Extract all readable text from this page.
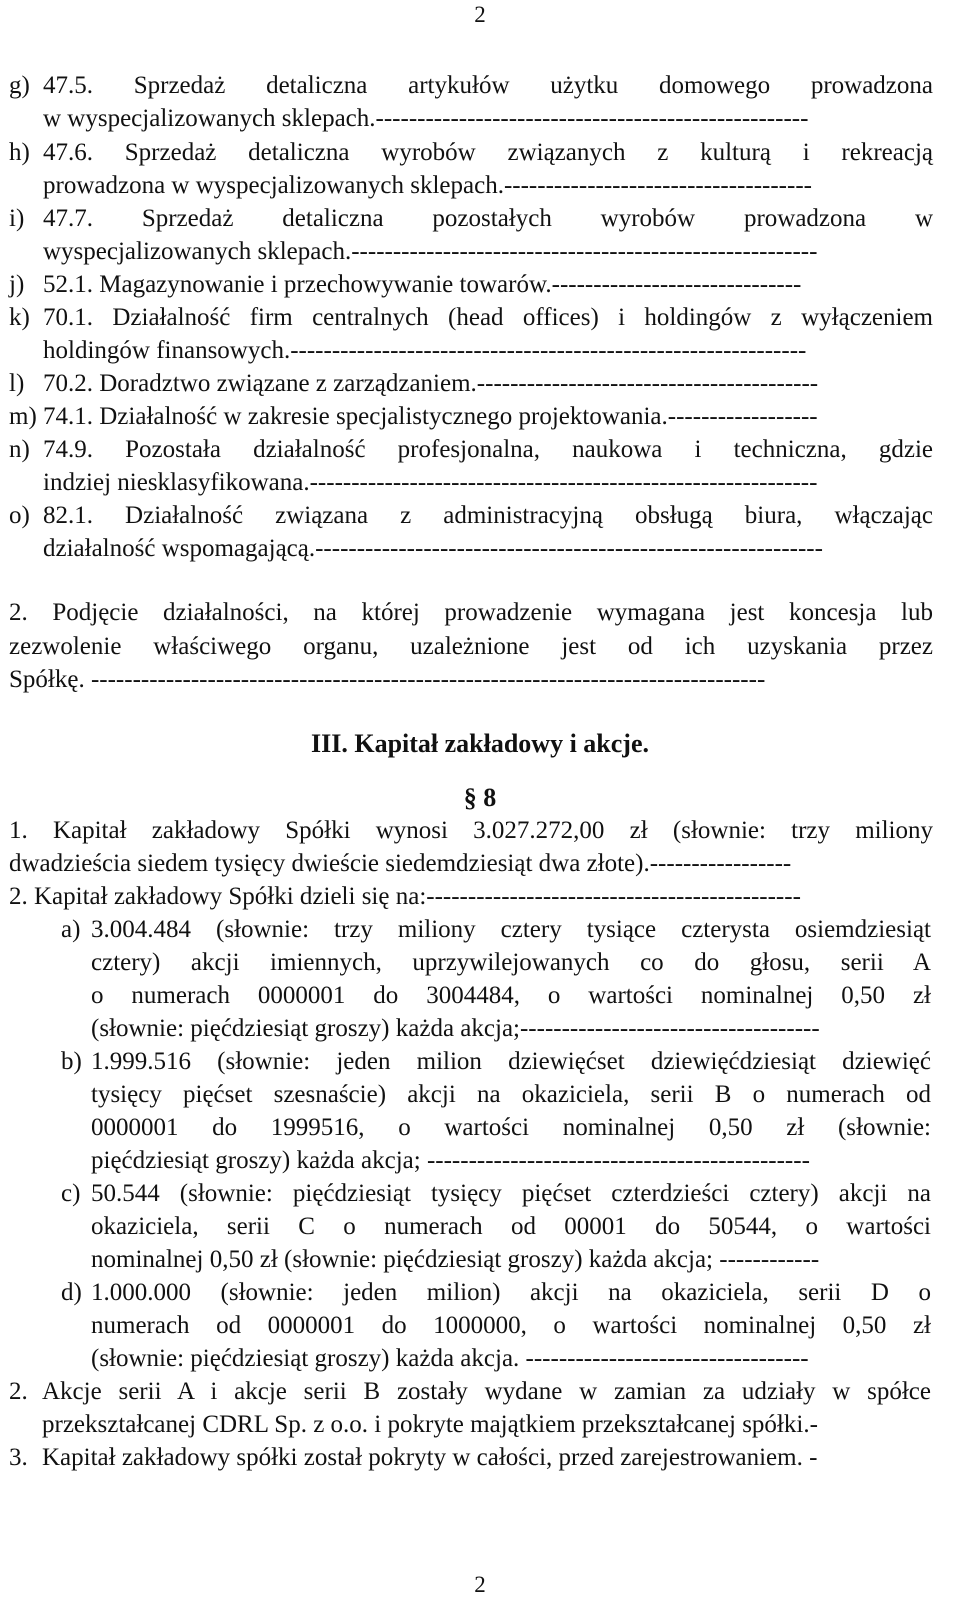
2
g) 47.5. Sprzedaż detaliczna artykułów użytku domowego prowadzona
w wyspecjalizowanych sklepach.----------------------------------------------------
h) 47.6. Sprzedaż detaliczna wyrobów związanych z kulturą i rekreacją
prowadzona w wyspecjalizowanych sklepach.-------------------------------------
i) 47.7. Sprzedaż detaliczna pozostałych wyrobów prowadzona w
wyspecjalizowanych sklepach.--------------------------------------------------------
j) 52.1. Magazynowanie i przechowywanie towarów.------------------------------
k) 70.1. Działalność firm centralnych (head offices) i holdingów z wyłączeniem
holdingów finansowych.--------------------------------------------------------------
l) 70.2. Doradztwo związane z zarządzaniem.-----------------------------------------
m) 74.1. Działalność w zakresie specjalistycznego projektowania.------------------
n) 74.9. Pozostała działalność profesjonalna, naukowa i techniczna, gdzie
indziej niesklasyfikowana.-------------------------------------------------------------
o) 82.1. Działalność związana z administracyjną obsługą biura, włączając
działalność wspomagającą.-------------------------------------------------------------
2. Podjęcie działalności, na której prowadzenie wymagana jest koncesja lub
zezwolenie właściwego organu, uzależnione jest od ich uzyskania przez
Spółkę. ---------------------------------------------------------------------------------
III. Kapitał zakładowy i akcje.
§ 8
1. Kapitał zakładowy Spółki wynosi 3.027.272,00 zł (słownie: trzy miliony
dwadzieścia siedem tysięcy dwieście siedemdziesiąt dwa złote).-----------------
2. Kapitał zakładowy Spółki dzieli się na:---------------------------------------------
a) 3.004.484 (słownie: trzy miliony cztery tysiące czterysta osiemdziesiąt
cztery) akcji imiennych, uprzywilejowanych co do głosu, serii A
o numerach 0000001 do 3004484, o wartości nominalnej 0,50 zł
(słownie: pięćdziesiąt groszy) każda akcja;------------------------------------
b) 1.999.516 (słownie: jeden milion dziewięćset dziewięćdziesiąt dziewięć
tysięcy pięćset szesnaście) akcji na okaziciela, serii B o numerach od
0000001 do 1999516, o wartości nominalnej 0,50 zł (słownie:
pięćdziesiąt groszy) każda akcja; ----------------------------------------------
c) 50.544 (słownie: pięćdziesiąt tysięcy pięćset czterdzieści cztery) akcji na
okaziciela, serii C o numerach od 00001 do 50544, o wartości
nominalnej 0,50 zł (słownie: pięćdziesiąt groszy) każda akcja; ------------
d) 1.000.000 (słownie: jeden milion) akcji na okaziciela, serii D o
numerach od 0000001 do 1000000, o wartości nominalnej 0,50 zł
(słownie: pięćdziesiąt groszy) każda akcja. ----------------------------------
2. Akcje serii A i akcje serii B zostały wydane w zamian za udziały w spółce
przekształcanej CDRL Sp. z o.o. i pokryte majątkiem przekształcanej spółki.-
3. Kapitał zakładowy spółki został pokryty w całości, przed zarejestrowaniem. -
2
